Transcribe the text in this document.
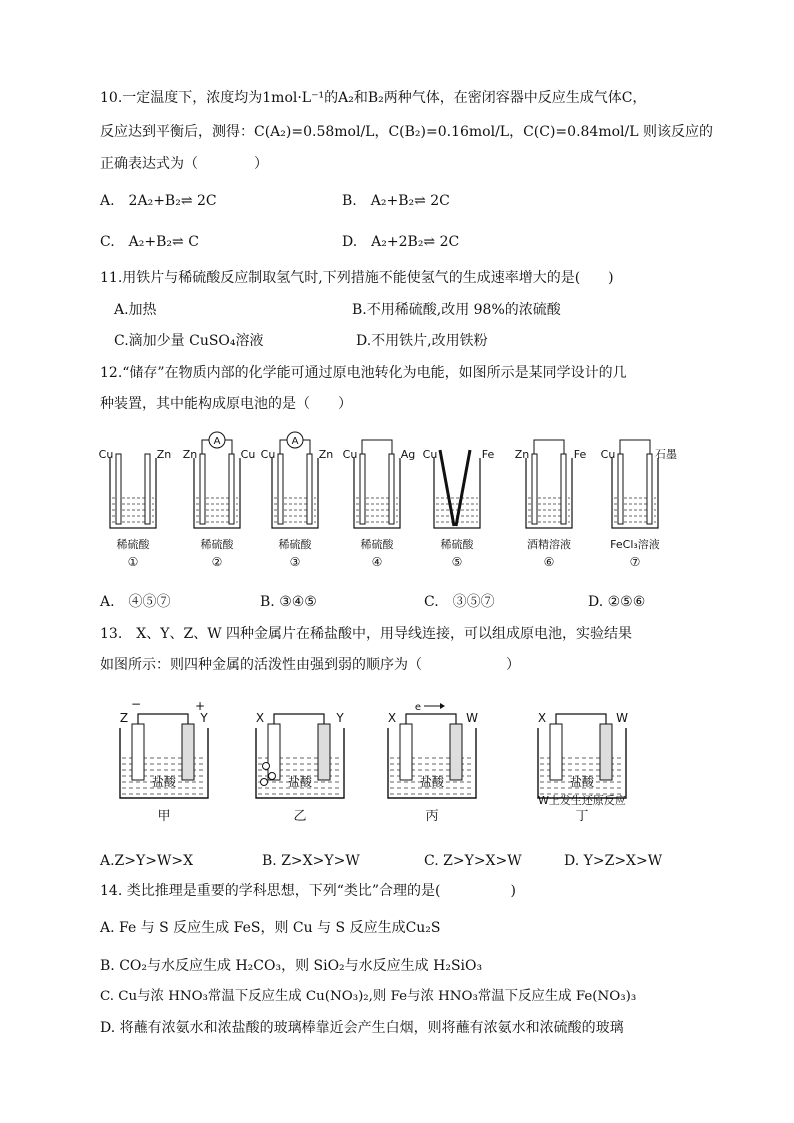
10.一定温度下，浓度均为1mol·L⁻¹的A₂和B₂两种气体，在密闭容器中反应生成气体C，
反应达到平衡后，测得：C(A₂)=0.58mol/L，C(B₂)=0.16mol/L，C(C)=0.84mol/L 则该反应的
正确表达式为（　　　　）
A.　2A₂+B₂⇌ 2C	B.　A₂+B₂⇌ 2C
C.　A₂+B₂⇌ C	D.　A₂+2B₂⇌ 2C
11.用铁片与稀硫酸反应制取氢气时,下列措施不能使氢气的生成速率增大的是(　　)
A.加热	B.不用稀硫酸,改用 98%的浓硫酸
C.滴加少量 CuSO₄溶液	D.不用铁片,改用铁粉
12.“储存”在物质内部的化学能可通过原电池转化为电能，如图所示是某同学设计的几
种装置，其中能构成原电池的是（　　）
Cu	Zn
稀硫酸
①
A
Zn	Cu
稀硫酸
②
A
Cu	Zn
稀硫酸
③
Cu	Ag
稀硫酸
④
Cu	Fe
稀硫酸
⑤
Zn	Fe
酒精溶液
⑥
Cu	石墨
FeCl₃溶液
⑦
A.　④⑤⑦	B. ③④⑤	C.　③⑤⑦	D. ②⑤⑥
13.　X、Y、Z、W 四种金属片在稀盐酸中，用导线连接，可以组成原电池，实验结果
如图所示：则四种金属的活泼性由强到弱的顺序为（　　　　　　）
Z	Y
盐酸
−	+
甲
X	Y
盐酸
乙
X	W
盐酸
e
丙
X	W
盐酸
丁
W上发生还原反应
A.Z>Y>W>X	B. Z>X>Y>W	C. Z>Y>X>W	D. Y>Z>X>W
14. 类比推理是重要的学科思想，下列“类比”合理的是(　　　　　)
A. Fe 与 S 反应生成 FeS，则 Cu 与 S 反应生成Cu₂S
B. CO₂与水反应生成 H₂CO₃，则 SiO₂与水反应生成 H₂SiO₃
C. Cu与浓 HNO₃常温下反应生成 Cu(NO₃)₂,则 Fe与浓 HNO₃常温下反应生成 Fe(NO₃)₃
D. 将蘸有浓氨水和浓盐酸的玻璃棒靠近会产生白烟，则将蘸有浓氨水和浓硫酸的玻璃
